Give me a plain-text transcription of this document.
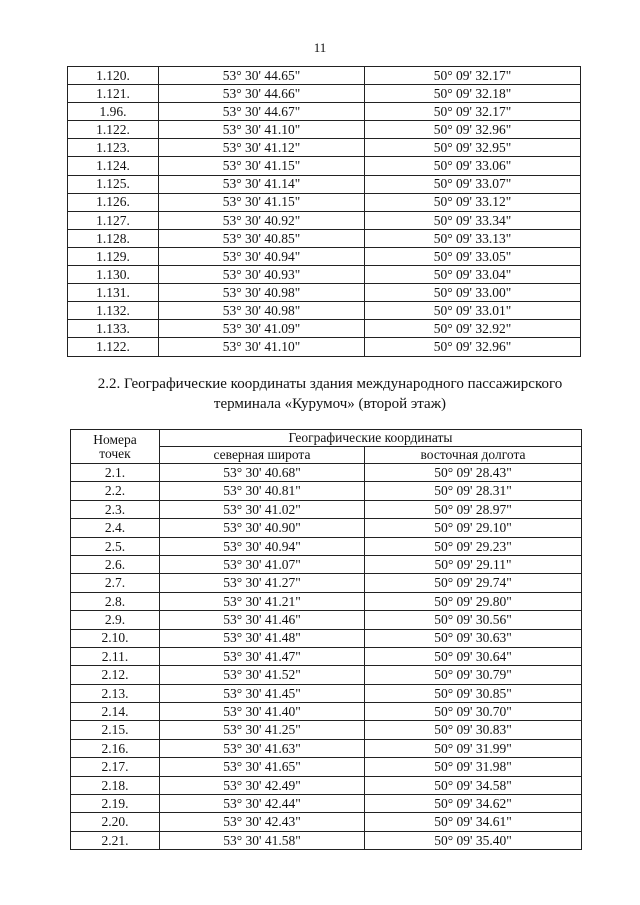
11
1.120.	53° 30' 44.65"	50° 09' 32.17"
1.121.	53° 30' 44.66"	50° 09' 32.18"
1.96.	53° 30' 44.67"	50° 09' 32.17"
1.122.	53° 30' 41.10"	50° 09' 32.96"
1.123.	53° 30' 41.12"	50° 09' 32.95"
1.124.	53° 30' 41.15"	50° 09' 33.06"
1.125.	53° 30' 41.14"	50° 09' 33.07"
1.126.	53° 30' 41.15"	50° 09' 33.12"
1.127.	53° 30' 40.92"	50° 09' 33.34"
1.128.	53° 30' 40.85"	50° 09' 33.13"
1.129.	53° 30' 40.94"	50° 09' 33.05"
1.130.	53° 30' 40.93"	50° 09' 33.04"
1.131.	53° 30' 40.98"	50° 09' 33.00"
1.132.	53° 30' 40.98"	50° 09' 33.01"
1.133.	53° 30' 41.09"	50° 09' 32.92"
1.122.	53° 30' 41.10"	50° 09' 32.96"
2.2. Географические координаты здания международного пассажирского
терминала «Курумоч» (второй этаж)
Номера
точек	Географические координаты	
	северная широта	восточная долгота
2.1.	53° 30' 40.68"	50° 09' 28.43"
2.2.	53° 30' 40.81"	50° 09' 28.31"
2.3.	53° 30' 41.02"	50° 09' 28.97"
2.4.	53° 30' 40.90"	50° 09' 29.10"
2.5.	53° 30' 40.94"	50° 09' 29.23"
2.6.	53° 30' 41.07"	50° 09' 29.11"
2.7.	53° 30' 41.27"	50° 09' 29.74"
2.8.	53° 30' 41.21"	50° 09' 29.80"
2.9.	53° 30' 41.46"	50° 09' 30.56"
2.10.	53° 30' 41.48"	50° 09' 30.63"
2.11.	53° 30' 41.47"	50° 09' 30.64"
2.12.	53° 30' 41.52"	50° 09' 30.79"
2.13.	53° 30' 41.45"	50° 09' 30.85"
2.14.	53° 30' 41.40"	50° 09' 30.70"
2.15.	53° 30' 41.25"	50° 09' 30.83"
2.16.	53° 30' 41.63"	50° 09' 31.99"
2.17.	53° 30' 41.65"	50° 09' 31.98"
2.18.	53° 30' 42.49"	50° 09' 34.58"
2.19.	53° 30' 42.44"	50° 09' 34.62"
2.20.	53° 30' 42.43"	50° 09' 34.61"
2.21.	53° 30' 41.58"	50° 09' 35.40"
